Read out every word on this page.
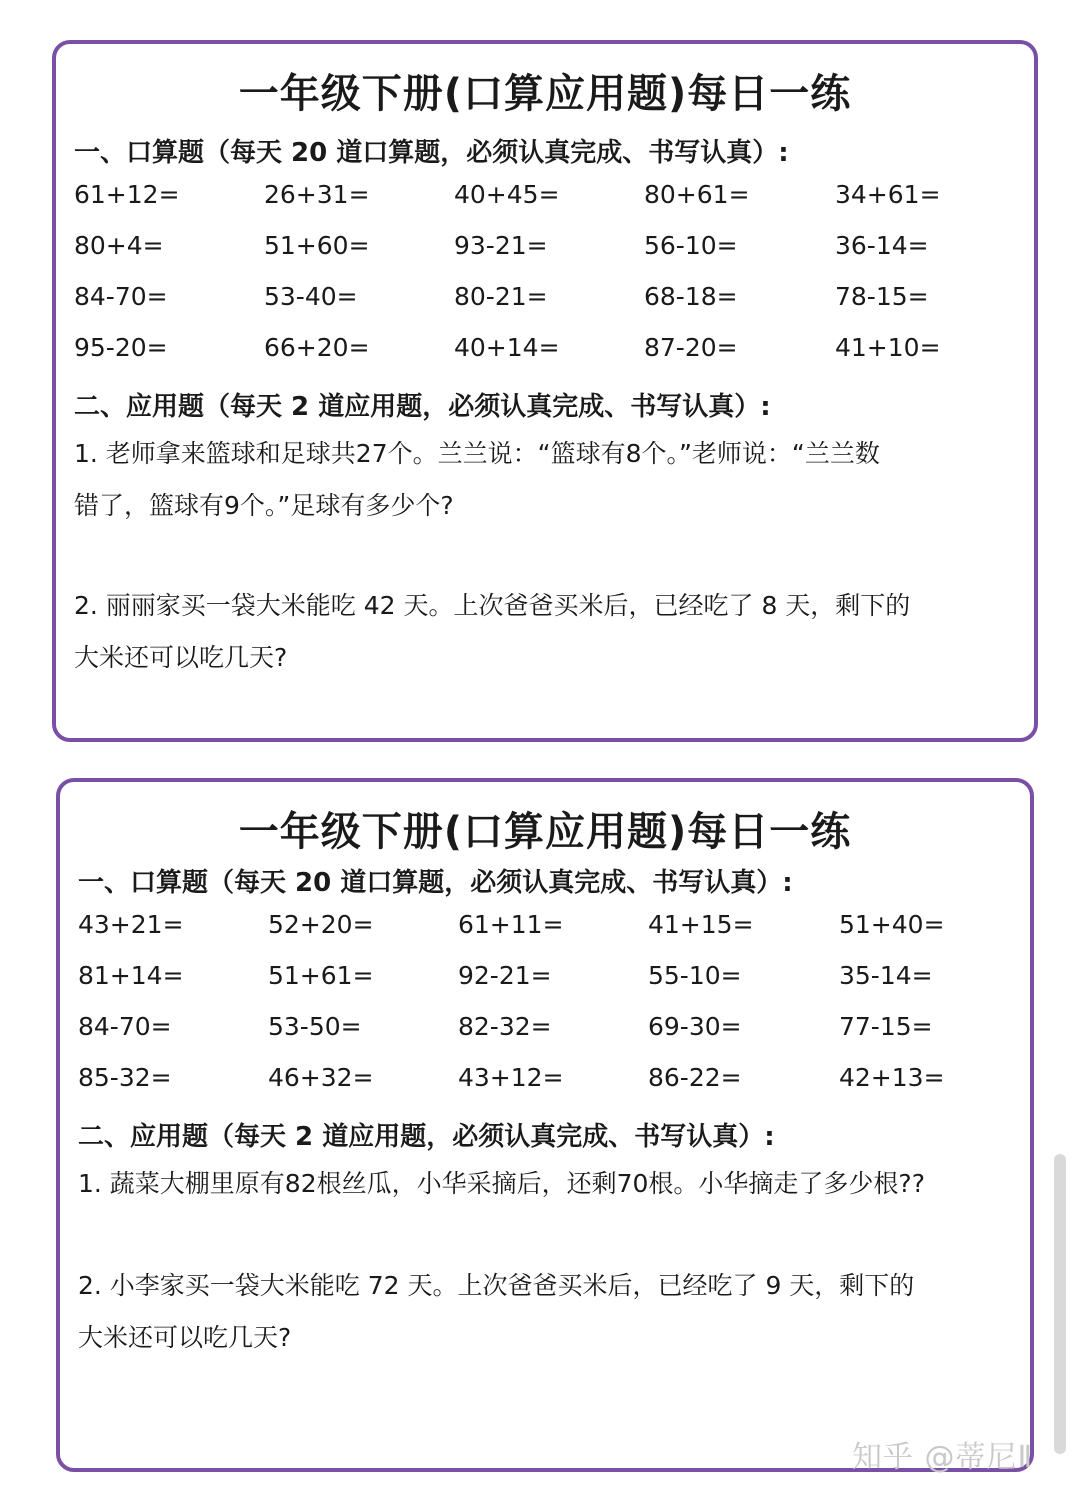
一年级下册(口算应用题)每日一练
一、口算题（每天 20 道口算题，必须认真完成、书写认真）:
61+12=	26+31=	40+45=	80+61=	34+61=
80+4=	51+60=	93-21=	56-10=	36-14=
84-70=	53-40=	80-21=	68-18=	78-15=
95-20=	66+20=	40+14=	87-20=	41+10=
二、应用题（每天 2 道应用题，必须认真完成、书写认真）:
1. 老师拿来篮球和足球共27个。兰兰说：“篮球有8个。”老师说：“兰兰数
错了，篮球有9个。”足球有多少个?
2. 丽丽家买一袋大米能吃 42 天。上次爸爸买米后，已经吃了 8 天，剩下的
大米还可以吃几天?
一年级下册(口算应用题)每日一练
一、口算题（每天 20 道口算题，必须认真完成、书写认真）:
43+21=	52+20=	61+11=	41+15=	51+40=
81+14=	51+61=	92-21=	55-10=	35-14=
84-70=	53-50=	82-32=	69-30=	77-15=
85-32=	46+32=	43+12=	86-22=	42+13=
二、应用题（每天 2 道应用题，必须认真完成、书写认真）:
1. 蔬菜大棚里原有82根丝瓜，小华采摘后，还剩70根。小华摘走了多少根??
2. 小李家买一袋大米能吃 72 天。上次爸爸买米后，已经吃了 9 天，剩下的
大米还可以吃几天?
知乎 @蒂尼Ⅱ
